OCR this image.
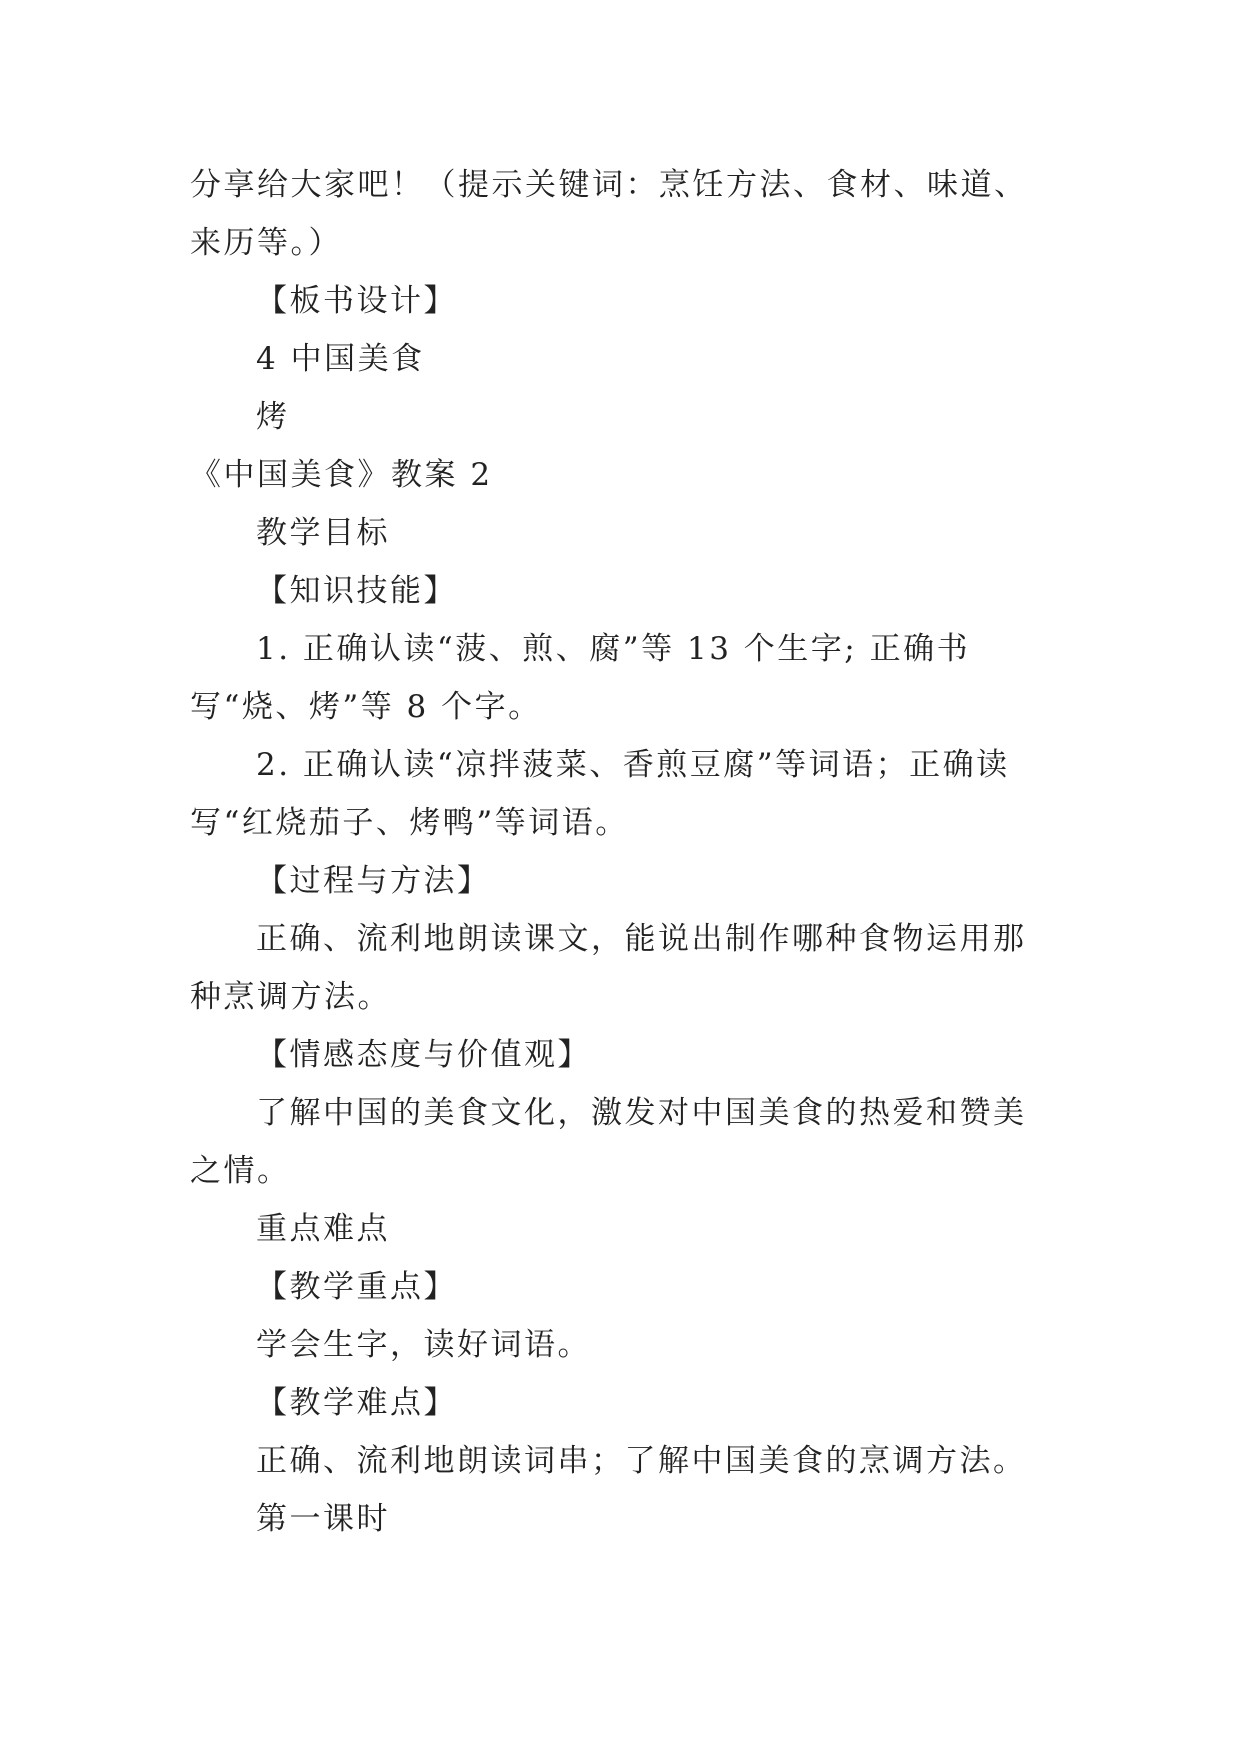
分享给大家吧！（提示关键词：烹饪方法、食材、味道、来历等。）

【板书设计】

4 中国美食

烤

《中国美食》教案 2

教学目标

【知识技能】

1. 正确认读“菠、煎、腐”等 13 个生字; 正确书写“烧、烤”等 8 个字。

2. 正确认读“凉拌菠菜、香煎豆腐”等词语；正确读写“红烧茄子、烤鸭”等词语。

【过程与方法】

正确、流利地朗读课文，能说出制作哪种食物运用那种烹调方法。

【情感态度与价值观】

了解中国的美食文化，激发对中国美食的热爱和赞美之情。

重点难点

【教学重点】

学会生字，读好词语。

【教学难点】

正确、流利地朗读词串；了解中国美食的烹调方法。

第一课时
